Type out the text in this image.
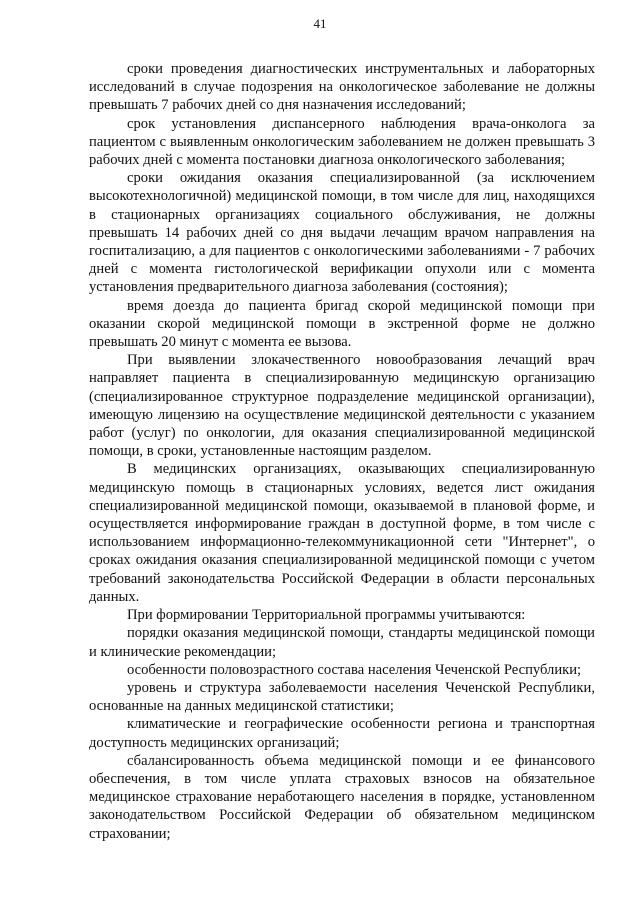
41

сроки проведения диагностических инструментальных и лабораторных исследований в случае подозрения на онкологическое заболевание не должны превышать 7 рабочих дней со дня назначения исследований;

срок установления диспансерного наблюдения врача-онколога за пациентом с выявленным онкологическим заболеванием не должен превышать 3 рабочих дней с момента постановки диагноза онкологического заболевания;

сроки ожидания оказания специализированной (за исключением высокотехнологичной) медицинской помощи, в том числе для лиц, находящихся в стационарных организациях социального обслуживания, не должны превышать 14 рабочих дней со дня выдачи лечащим врачом направления на госпитализацию, а для пациентов с онкологическими заболеваниями - 7 рабочих дней с момента гистологической верификации опухоли или с момента установления предварительного диагноза заболевания (состояния);

время доезда до пациента бригад скорой медицинской помощи при оказании скорой медицинской помощи в экстренной форме не должно превышать 20 минут с момента ее вызова.

При выявлении злокачественного новообразования лечащий врач направляет пациента в специализированную медицинскую организацию (специализированное структурное подразделение медицинской организации), имеющую лицензию на осуществление медицинской деятельности с указанием работ (услуг) по онкологии, для оказания специализированной медицинской помощи, в сроки, установленные настоящим разделом.

В медицинских организациях, оказывающих специализированную медицинскую помощь в стационарных условиях, ведется лист ожидания специализированной медицинской помощи, оказываемой в плановой форме, и осуществляется информирование граждан в доступной форме, в том числе с использованием информационно-телекоммуникационной сети "Интернет", о сроках ожидания оказания специализированной медицинской помощи с учетом требований законодательства Российской Федерации в области персональных данных.

При формировании Территориальной программы учитываются:

порядки оказания медицинской помощи, стандарты медицинской помощи и клинические рекомендации;

особенности половозрастного состава населения Чеченской Республики;

уровень и структура заболеваемости населения Чеченской Республики, основанные на данных медицинской статистики;

климатические и географические особенности региона и транспортная доступность медицинских организаций;

сбалансированность объема медицинской помощи и ее финансового обеспечения, в том числе уплата страховых взносов на обязательное медицинское страхование неработающего населения в порядке, установленном законодательством Российской Федерации об обязательном медицинском страховании;
